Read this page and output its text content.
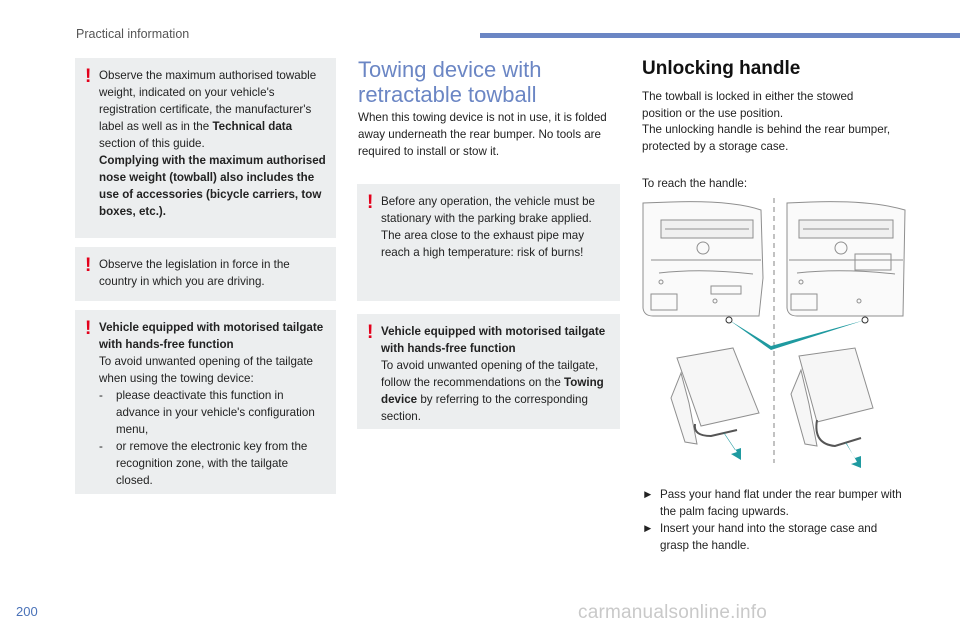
Practical information
! Observe the maximum authorised towable weight, indicated on your vehicle's registration certificate, the manufacturer's label as well as in the Technical data section of this guide.

Complying with the maximum authorised nose weight (towball) also includes the use of accessories (bicycle carriers, tow boxes, etc.).

! Observe the legislation in force in the country in which you are driving.

! Vehicle equipped with motorised tailgate with hands-free function

To avoid unwanted opening of the tailgate when using the towing device:

- please deactivate this function in advance in your vehicle's configuration menu,
- or remove the electronic key from the recognition zone, with the tailgate closed.
Towing device with retractable towball
When this towing device is not in use, it is folded away underneath the rear bumper. No tools are required to install or stow it.
! Before any operation, the vehicle must be stationary with the parking brake applied. The area close to the exhaust pipe may reach a high temperature: risk of burns!

! Vehicle equipped with motorised tailgate with hands-free function

To avoid unwanted opening of the tailgate, follow the recommendations on the Towing device by referring to the corresponding section.

Unlocking handle
The towball is locked in either the stowed position or the use position.
The unlocking handle is behind the rear bumper, protected by a storage case.
To reach the handle:
► Pass your hand flat under the rear bumper with the palm facing upwards.
► Insert your hand into the storage case and grasp the handle.
200	carmanualsonline.info
